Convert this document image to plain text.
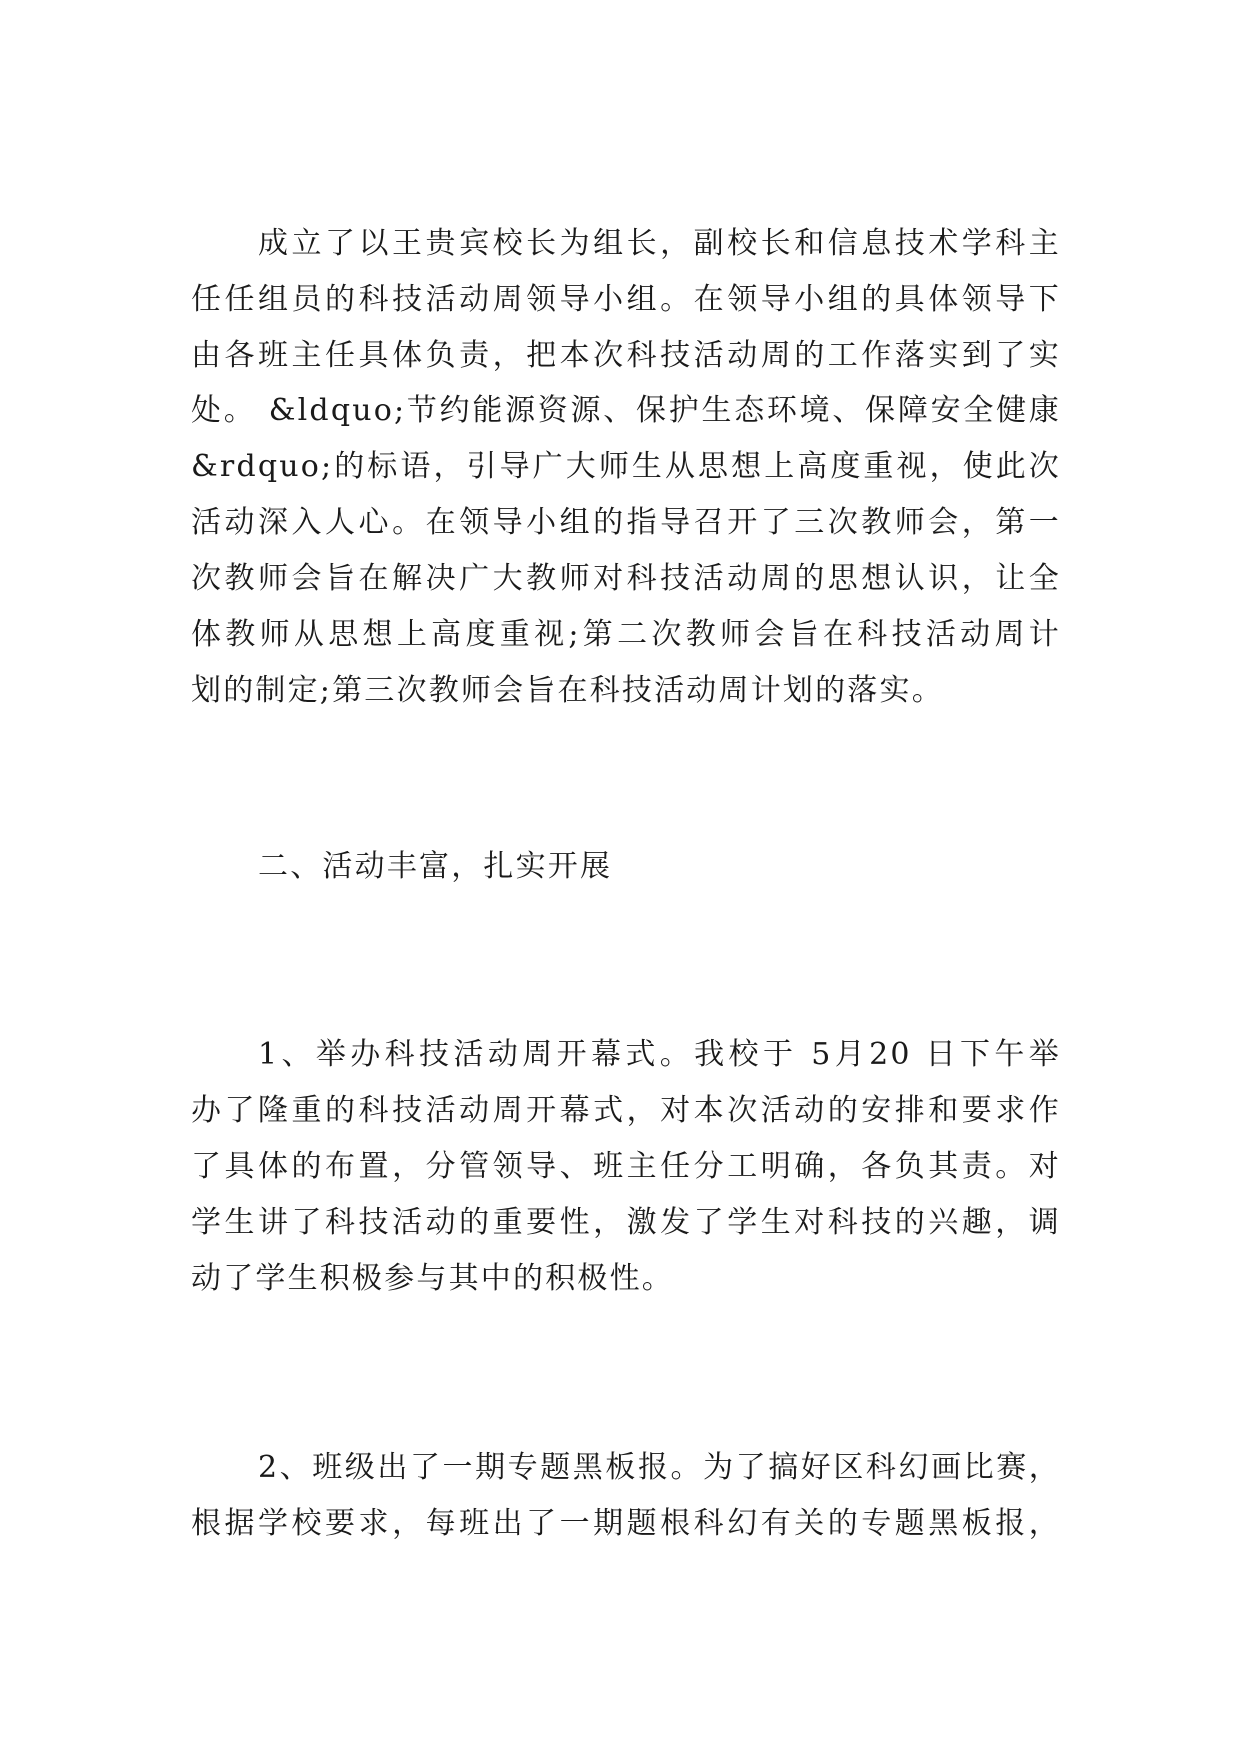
成立了以王贵宾校长为组长，副校长和信息技术学科主
任任组员的科技活动周领导小组。在领导小组的具体领导下
由各班主任具体负责，把本次科技活动周的工作落实到了实
处。 &ldquo;节约能源资源、保护生态环境、保障安全健康
&rdquo;的标语，引导广大师生从思想上高度重视，使此次
活动深入人心。在领导小组的指导召开了三次教师会，第一
次教师会旨在解决广大教师对科技活动周的思想认识，让全
体教师从思想上高度重视;第二次教师会旨在科技活动周计
划的制定;第三次教师会旨在科技活动周计划的落实。
二、活动丰富，扎实开展
1、举办科技活动周开幕式。我校于 5月20 日下午举
办了隆重的科技活动周开幕式，对本次活动的安排和要求作
了具体的布置，分管领导、班主任分工明确，各负其责。对
学生讲了科技活动的重要性，激发了学生对科技的兴趣，调
动了学生积极参与其中的积极性。
2、班级出了一期专题黑板报。为了搞好区科幻画比赛，
根据学校要求，每班出了一期题根科幻有关的专题黑板报，
